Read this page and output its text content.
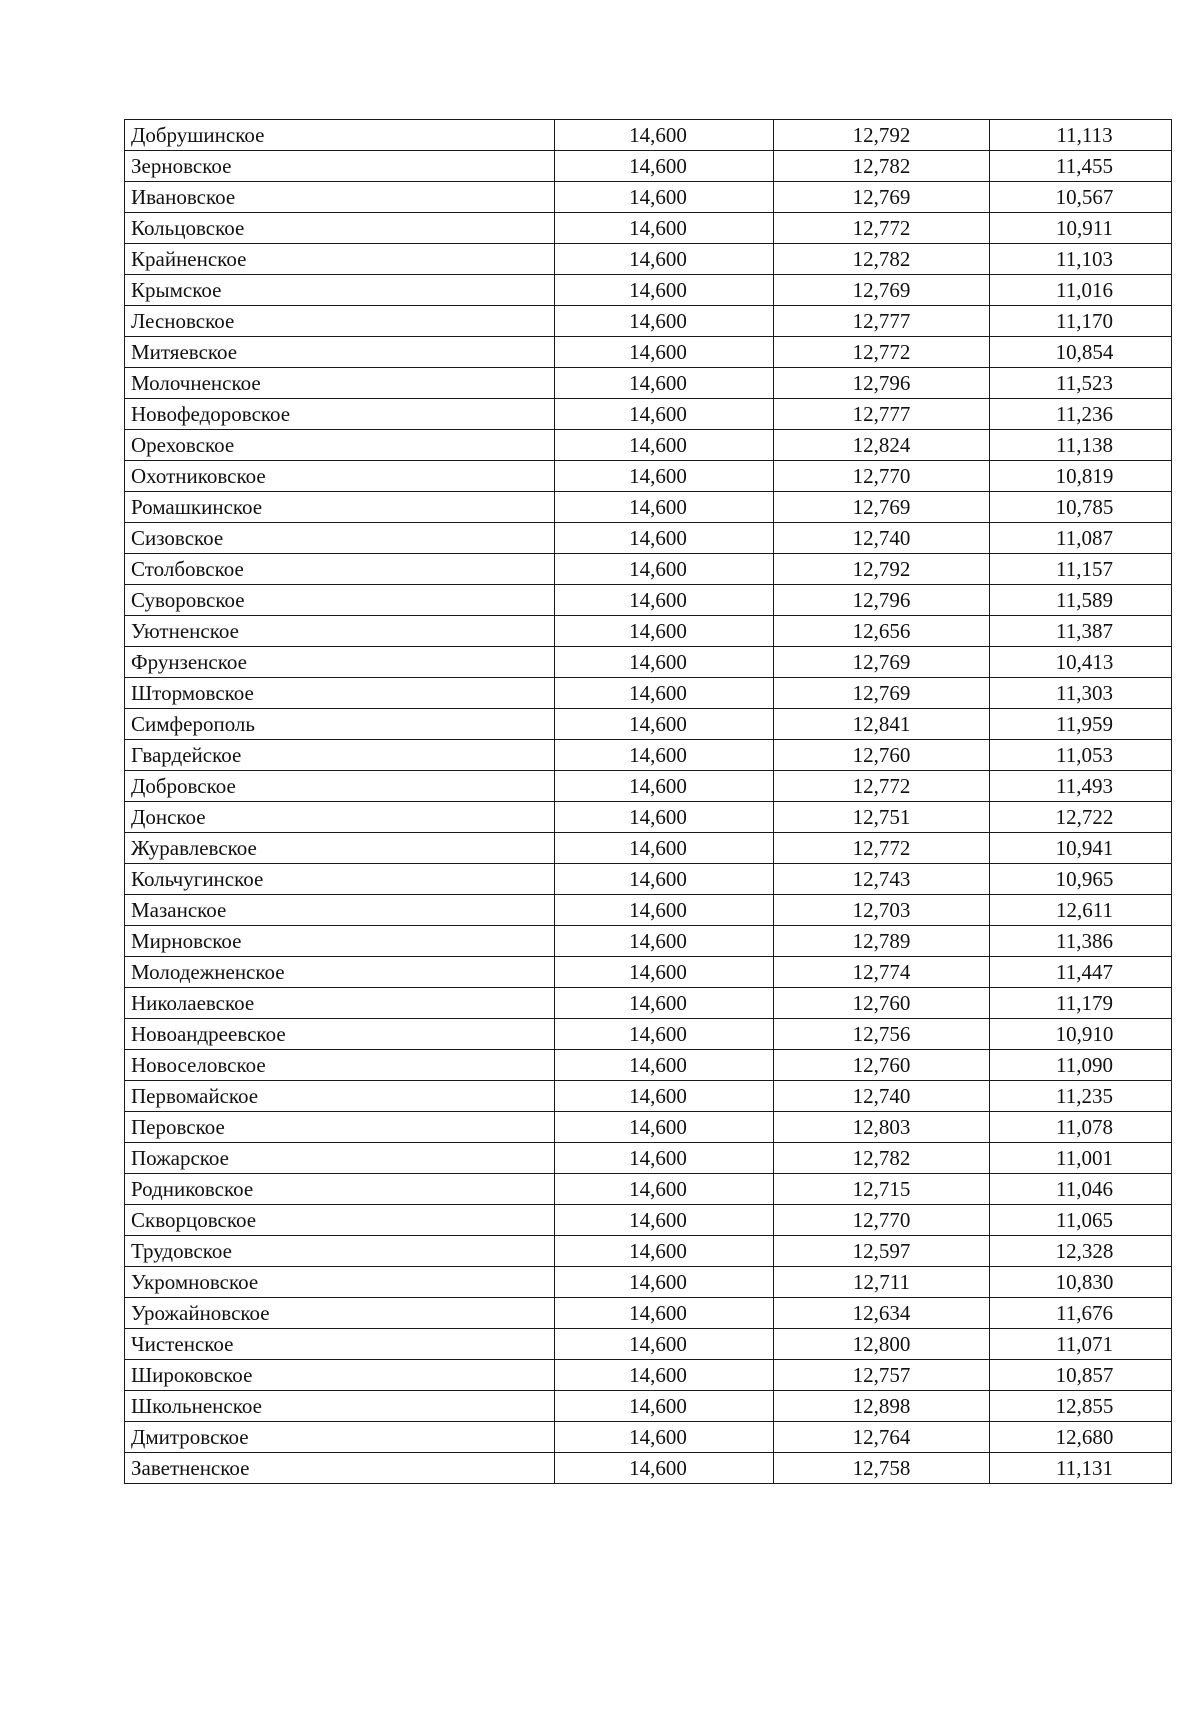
Добрушинское	14,600	12,792	11,113
Зерновское	14,600	12,782	11,455
Ивановское	14,600	12,769	10,567
Кольцовское	14,600	12,772	10,911
Крайненское	14,600	12,782	11,103
Крымское	14,600	12,769	11,016
Лесновское	14,600	12,777	11,170
Митяевское	14,600	12,772	10,854
Молочненское	14,600	12,796	11,523
Новофедоровское	14,600	12,777	11,236
Ореховское	14,600	12,824	11,138
Охотниковское	14,600	12,770	10,819
Ромашкинское	14,600	12,769	10,785
Сизовское	14,600	12,740	11,087
Столбовское	14,600	12,792	11,157
Суворовское	14,600	12,796	11,589
Уютненское	14,600	12,656	11,387
Фрунзенское	14,600	12,769	10,413
Штормовское	14,600	12,769	11,303
Симферополь	14,600	12,841	11,959
Гвардейское	14,600	12,760	11,053
Добровское	14,600	12,772	11,493
Донское	14,600	12,751	12,722
Журавлевское	14,600	12,772	10,941
Кольчугинское	14,600	12,743	10,965
Мазанское	14,600	12,703	12,611
Мирновское	14,600	12,789	11,386
Молодежненское	14,600	12,774	11,447
Николаевское	14,600	12,760	11,179
Новоандреевское	14,600	12,756	10,910
Новоселовское	14,600	12,760	11,090
Первомайское	14,600	12,740	11,235
Перовское	14,600	12,803	11,078
Пожарское	14,600	12,782	11,001
Родниковское	14,600	12,715	11,046
Скворцовское	14,600	12,770	11,065
Трудовское	14,600	12,597	12,328
Укромновское	14,600	12,711	10,830
Урожайновское	14,600	12,634	11,676
Чистенское	14,600	12,800	11,071
Широковское	14,600	12,757	10,857
Школьненское	14,600	12,898	12,855
Дмитровское	14,600	12,764	12,680
Заветненское	14,600	12,758	11,131
